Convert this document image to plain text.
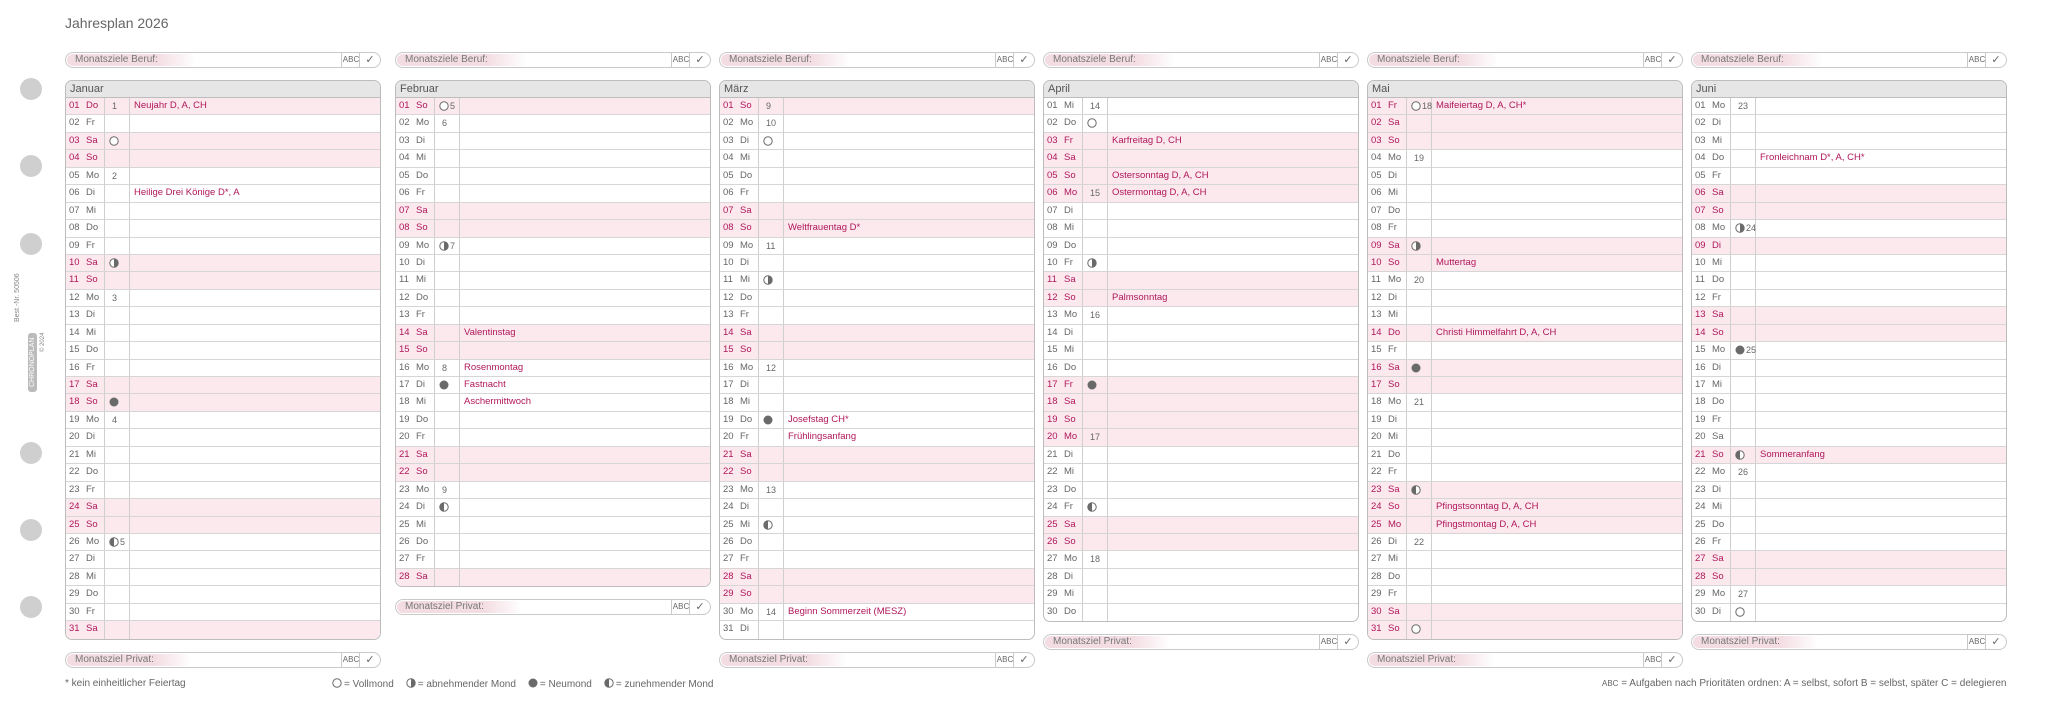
Jahresplan 2026
Best.-Nr. 50506
CHRONOPLAN © 2024
Monatsziele Beruf:	ABC ✓
Januar
01 Do	1 Neujahr D, A, CH
02 Fr
03 Sa
04 So
05 Mo	2
06 Di	Heilige Drei Könige D*, A
07 Mi
08 Do
09 Fr
10 Sa
11 So
12 Mo	3
13 Di
14 Mi
15 Do
16 Fr
17 Sa
18 So
19 Mo	4
20 Di
21 Mi
22 Do
23 Fr
24 Sa
25 So
26 Mo	5
27 Di
28 Mi
29 Do
30 Fr
31 Sa
Monatsziel Privat:	ABC ✓
Monatsziele Beruf:	ABC ✓
Februar
01 So	5
02 Mo	6
03 Di
04 Mi
05 Do
06 Fr
07 Sa
08 So
09 Mo	7
10 Di
11 Mi
12 Do
13 Fr
14 Sa	Valentinstag
15 So
16 Mo	8 Rosenmontag
17 Di	Fastnacht
18 Mi	Aschermittwoch
19 Do
20 Fr
21 Sa
22 So
23 Mo	9
24 Di
25 Mi
26 Do
27 Fr
28 Sa
Monatsziel Privat:	ABC ✓
Monatsziele Beruf:	ABC ✓
März
01 So	9
02 Mo	10
03 Di
04 Mi
05 Do
06 Fr
07 Sa
08 So	Weltfrauentag D*
09 Mo	11
10 Di
11 Mi
12 Do
13 Fr
14 Sa
15 So
16 Mo	12
17 Di
18 Mi
19 Do	Josefstag CH*
20 Fr	Frühlingsanfang
21 Sa
22 So
23 Mo	13
24 Di
25 Mi
26 Do
27 Fr
28 Sa
29 So
30 Mo	14 Beginn Sommerzeit (MESZ)
31 Di
Monatsziel Privat:	ABC ✓
Monatsziele Beruf:	ABC ✓
April
01 Mi	14
02 Do
03 Fr	Karfreitag D, CH
04 Sa
05 So	Ostersonntag D, A, CH
06 Mo	15 Ostermontag D, A, CH
07 Di
08 Mi
09 Do
10 Fr
11 Sa
12 So	Palmsonntag
13 Mo	16
14 Di
15 Mi
16 Do
17 Fr
18 Sa
19 So
20 Mo	17
21 Di
22 Mi
23 Do
24 Fr
25 Sa
26 So
27 Mo	18
28 Di
29 Mi
30 Do
Monatsziel Privat:	ABC ✓
Monatsziele Beruf:	ABC ✓
Mai
01 Fr	18 Maifeiertag D, A, CH*
02 Sa
03 So
04 Mo	19
05 Di
06 Mi
07 Do
08 Fr
09 Sa
10 So	Muttertag
11 Mo	20
12 Di
13 Mi
14 Do	Christi Himmelfahrt D, A, CH
15 Fr
16 Sa
17 So
18 Mo	21
19 Di
20 Mi
21 Do
22 Fr
23 Sa
24 So	Pfingstsonntag D, A, CH
25 Mo	Pfingstmontag D, A, CH
26 Di	22
27 Mi
28 Do
29 Fr
30 Sa
31 So
Monatsziel Privat:	ABC ✓
Monatsziele Beruf:	ABC ✓
Juni
01 Mo	23
02 Di
03 Mi
04 Do	Fronleichnam D*, A, CH*
05 Fr
06 Sa
07 So
08 Mo	24
09 Di
10 Mi
11 Do
12 Fr
13 Sa
14 So
15 Mo	25
16 Di
17 Mi
18 Do
19 Fr
20 Sa
21 So	Sommeranfang
22 Mo	26
23 Di
24 Mi
25 Do
26 Fr
27 Sa
28 So
29 Mo	27
30 Di
Monatsziel Privat:	ABC ✓
* kein einheitlicher Feiertag	= Vollmond = abnehmender Mond = Neumond = zunehmender Mond	ABC = Aufgaben nach Prioritäten ordnen: A = selbst, sofort B = selbst, später C = delegieren
